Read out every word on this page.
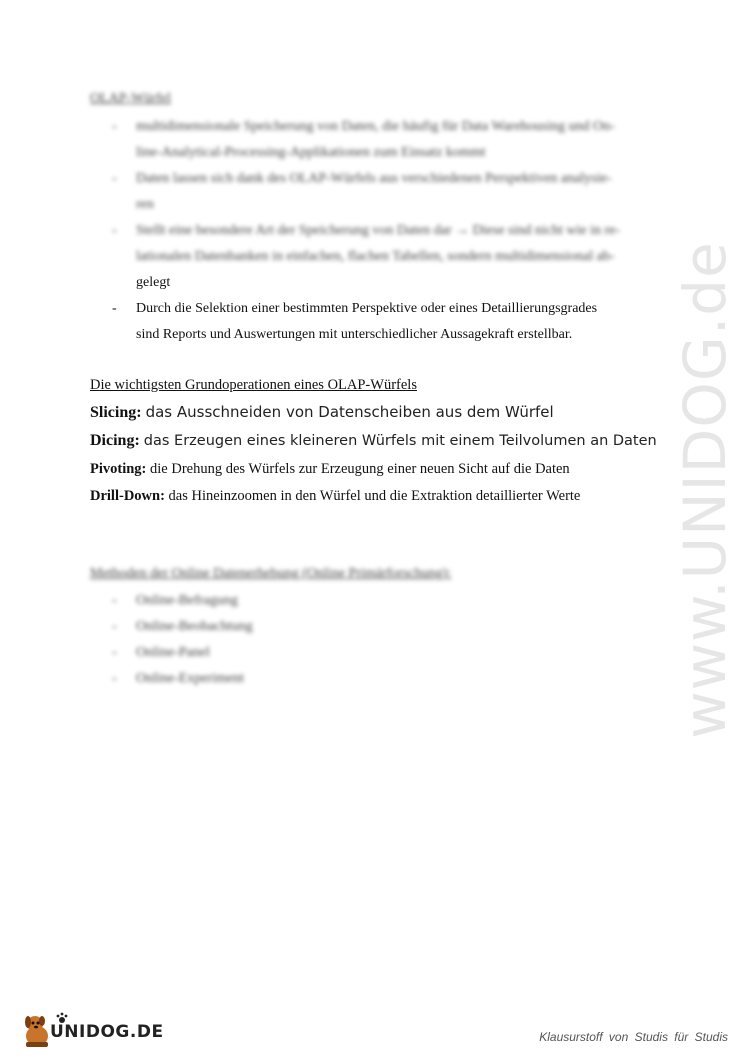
www.UNIDOG.de
OLAP-Würfel
- multidimensionale Speicherung von Daten, die häufig für Data Warehousing und On-
line-Analytical-Processing-Applikationen zum Einsatz kommt
- Daten lassen sich dank des OLAP-Würfels aus verschiedenen Perspektiven analysie-
ren
- Stellt eine besondere Art der Speicherung von Daten dar → Diese sind nicht wie in re-
lationalen Datenbanken in einfachen, flachen Tabellen, sondern multidimensional ab-
gelegt
- Durch die Selektion einer bestimmten Perspektive oder eines Detaillierungsgrades
sind Reports und Auswertungen mit unterschiedlicher Aussagekraft erstellbar.
Die wichtigsten Grundoperationen eines OLAP-Würfels
Slicing: das Ausschneiden von Datenscheiben aus dem Würfel
Dicing: das Erzeugen eines kleineren Würfels mit einem Teilvolumen an Daten
Pivoting: die Drehung des Würfels zur Erzeugung einer neuen Sicht auf die Daten
Drill-Down: das Hineinzoomen in den Würfel und die Extraktion detaillierter Werte
Methoden der Online Datenerhebung (Online Primärforschung):
- Online-Befragung
- Online-Beobachtung
- Online-Panel
- Online-Experiment
UNIDOG.DE	Klausurstoff von Studis für Studis
